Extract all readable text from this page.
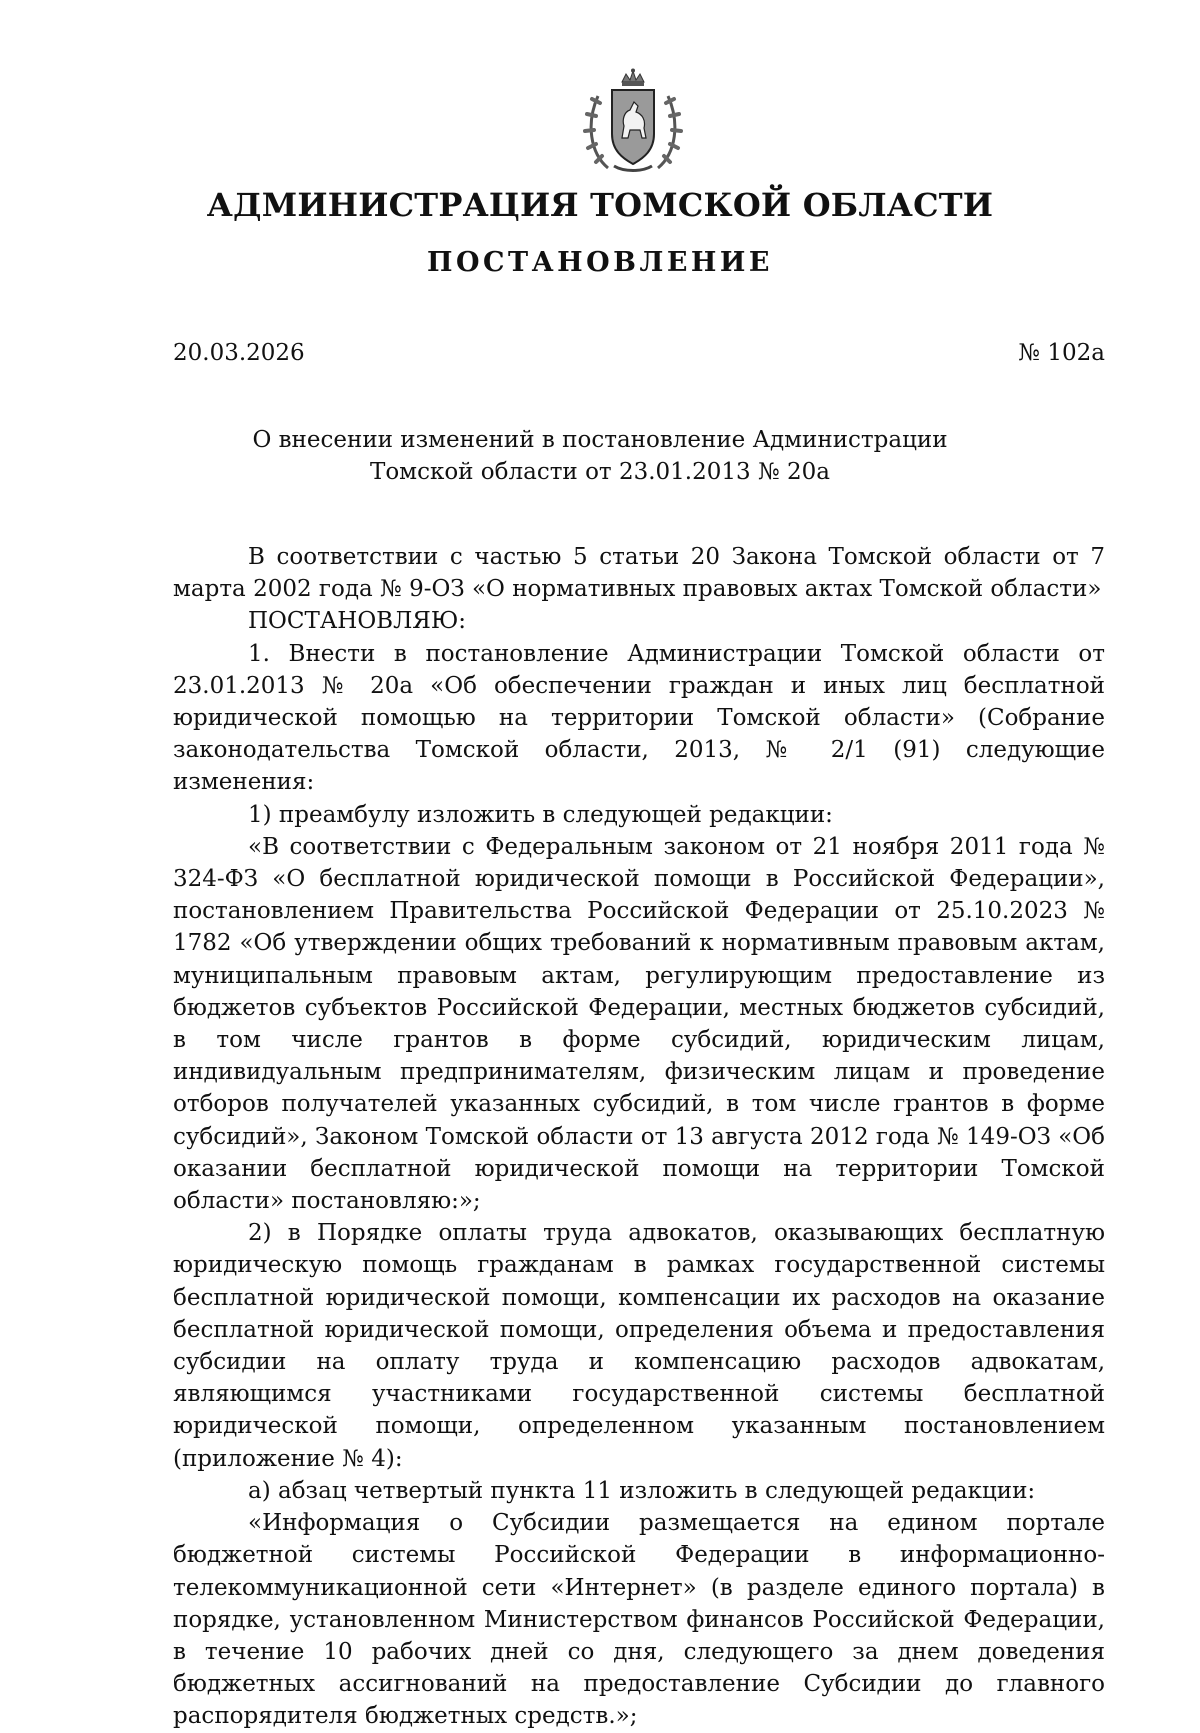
АДМИНИСТРАЦИЯ ТОМСКОЙ ОБЛАСТИ
ПОСТАНОВЛЕНИЕ
20.03.2026	№ 102а
О внесении изменений в постановление Администрации
Томской области от 23.01.2013 № 20а

В соответствии с частью 5 статьи 20 Закона Томской области от 7 марта 2002 года № 9-ОЗ «О нормативных правовых актах Томской области»

ПОСТАНОВЛЯЮ:

1. Внести в постановление Администрации Томской области от 23.01.2013 № 20а «Об обеспечении граждан и иных лиц бесплатной юридической помощью на территории Томской области» (Собрание законодательства Томской области, 2013, № 2/1 (91) следующие изменения:

1) преамбулу изложить в следующей редакции:

«В соответствии с Федеральным законом от 21 ноября 2011 года № 324-ФЗ «О бесплатной юридической помощи в Российской Федерации», постановлением Правительства Российской Федерации от 25.10.2023 № 1782 «Об утверждении общих требований к нормативным правовым актам, муниципальным правовым актам, регулирующим предоставление из бюджетов субъектов Российской Федерации, местных бюджетов субсидий, в том числе грантов в форме субсидий, юридическим лицам, индивидуальным предпринимателям, физическим лицам и проведение отборов получателей указанных субсидий, в том числе грантов в форме субсидий», Законом Томской области от 13 августа 2012 года № 149-ОЗ «Об оказании бесплатной юридической помощи на территории Томской области» постановляю:»;

2) в Порядке оплаты труда адвокатов, оказывающих бесплатную юридическую помощь гражданам в рамках государственной системы бесплатной юридической помощи, компенсации их расходов на оказание бесплатной юридической помощи, определения объема и предоставления субсидии на оплату труда и компенсацию расходов адвокатам, являющимся участниками государственной системы бесплатной юридической помощи, определенном указанным постановлением (приложение № 4):

а) абзац четвертый пункта 11 изложить в следующей редакции:

«Информация о Субсидии размещается на едином портале бюджетной системы Российской Федерации в информационно-телекоммуникационной сети «Интернет» (в разделе единого портала) в порядке, установленном Министерством финансов Российской Федерации, в течение 10 рабочих дней со дня, следующего за днем доведения бюджетных ассигнований на предоставление Субсидии до главного распорядителя бюджетных средств.»;
